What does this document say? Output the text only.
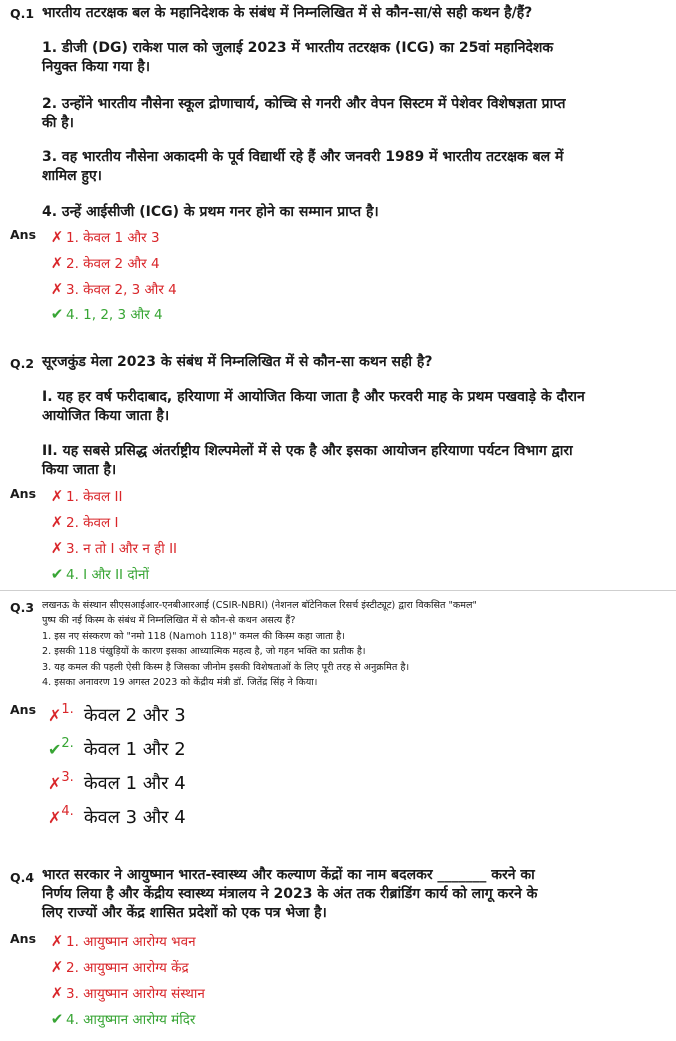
Q.1 भारतीय तटरक्षक बल के महानिदेशक के संबंध में निम्नलिखित में से कौन-सा/से सही कथन है/हैं?
1. डीजी (DG) राकेश पाल को जुलाई 2023 में भारतीय तटरक्षक (ICG) का 25वां महानिदेशक नियुक्त किया गया है।
2. उन्होंने भारतीय नौसेना स्कूल द्रोणाचार्य, कोच्चि से गनरी और वेपन सिस्टम में पेशेवर विशेषज्ञता प्राप्त की है।
3. वह भारतीय नौसेना अकादमी के पूर्व विद्यार्थी रहे हैं और जनवरी 1989 में भारतीय तटरक्षक बल में शामिल हुए।
4. उन्हें आईसीजी (ICG) के प्रथम गनर होने का सम्मान प्राप्त है।
Ans ✗ 1. केवल 1 और 3
✗ 2. केवल 2 और 4
✗ 3. केवल 2, 3 और 4
✔ 4. 1, 2, 3 और 4
Q.2 सूरजकुंड मेला 2023 के संबंध में निम्नलिखित में से कौन-सा कथन सही है?
I. यह हर वर्ष फरीदाबाद, हरियाणा में आयोजित किया जाता है और फरवरी माह के प्रथम पखवाड़े के दौरान आयोजित किया जाता है।
II. यह सबसे प्रसिद्ध अंतर्राष्ट्रीय शिल्पमेलों में से एक है और इसका आयोजन हरियाणा पर्यटन विभाग द्वारा किया जाता है।
Ans ✗ 1. केवल II
✗ 2. केवल I
✗ 3. न तो I और न ही II
✔ 4. I और II दोनों
Q.3 लखनऊ के संस्थान सीएसआईआर-एनबीआरआई (CSIR-NBRI) (नेशनल बॉटेनिकल रिसर्च इंस्टीट्यूट) द्वारा विकसित "कमल"
पुष्प की नई किस्म के संबंध में निम्नलिखित में से कौन-से कथन असत्य हैं?
1. इस नए संस्करण को "नमो 118 (Namoh 118)" कमल की किस्म कहा जाता है।
2. इसकी 118 पंखुड़ियों के कारण इसका आध्यात्मिक महत्व है, जो गहन भक्ति का प्रतीक है।
3. यह कमल की पहली ऐसी किस्म है जिसका जीनोम इसकी विशेषताओं के लिए पूरी तरह से अनुक्रमित है।
4. इसका अनावरण 19 अगस्त 2023 को केंद्रीय मंत्री डॉ. जितेंद्र सिंह ने किया।
Ans ✗ 1. केवल 2 और 3
✔ 2. केवल 1 और 2
✗ 3. केवल 1 और 4
✗ 4. केवल 3 और 4
Q.4 भारत सरकार ने आयुष्मान भारत-स्वास्थ्य और कल्याण केंद्रों का नाम बदलकर _______ करने का
निर्णय लिया है और केंद्रीय स्वास्थ्य मंत्रालय ने 2023 के अंत तक रीब्रांडिंग कार्य को लागू करने के
लिए राज्यों और केंद्र शासित प्रदेशों को एक पत्र भेजा है।
Ans ✗ 1. आयुष्मान आरोग्य भवन
✗ 2. आयुष्मान आरोग्य केंद्र
✗ 3. आयुष्मान आरोग्य संस्थान
✔ 4. आयुष्मान आरोग्य मंदिर
